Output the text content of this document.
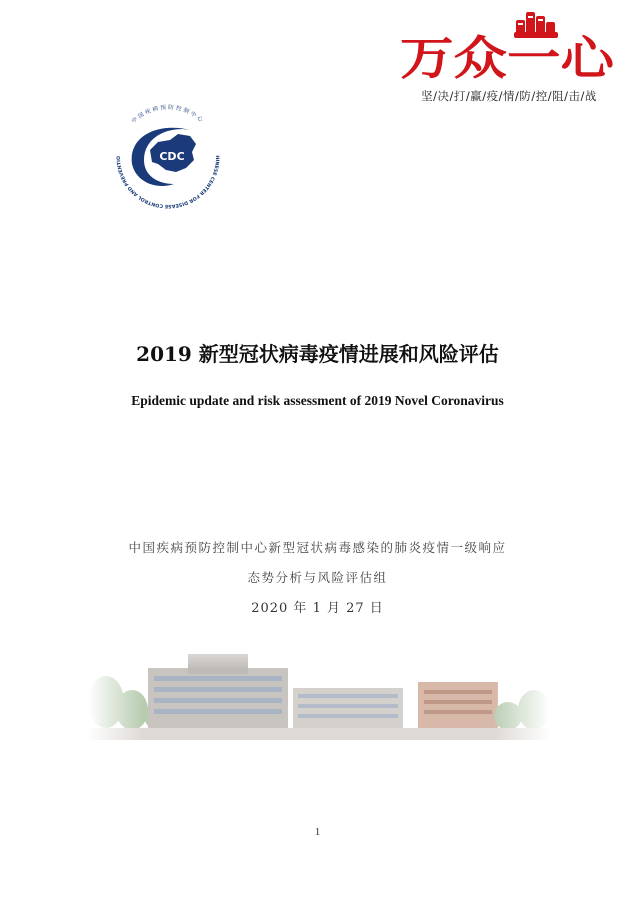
万众一心
坚/决/打/赢/疫/情/防/控/阻/击/战
中国疾病预防控制中心
HINESE CENTER FOR DISEASE CONTROL AND PREVENTIO	CDC
2019 新型冠状病毒疫情进展和风险评估
Epidemic update and risk assessment of 2019 Novel Coronavirus
中国疾病预防控制中心新型冠状病毒感染的肺炎疫情一级响应
态势分析与风险评估组
2020 年 1 月 27 日
1
